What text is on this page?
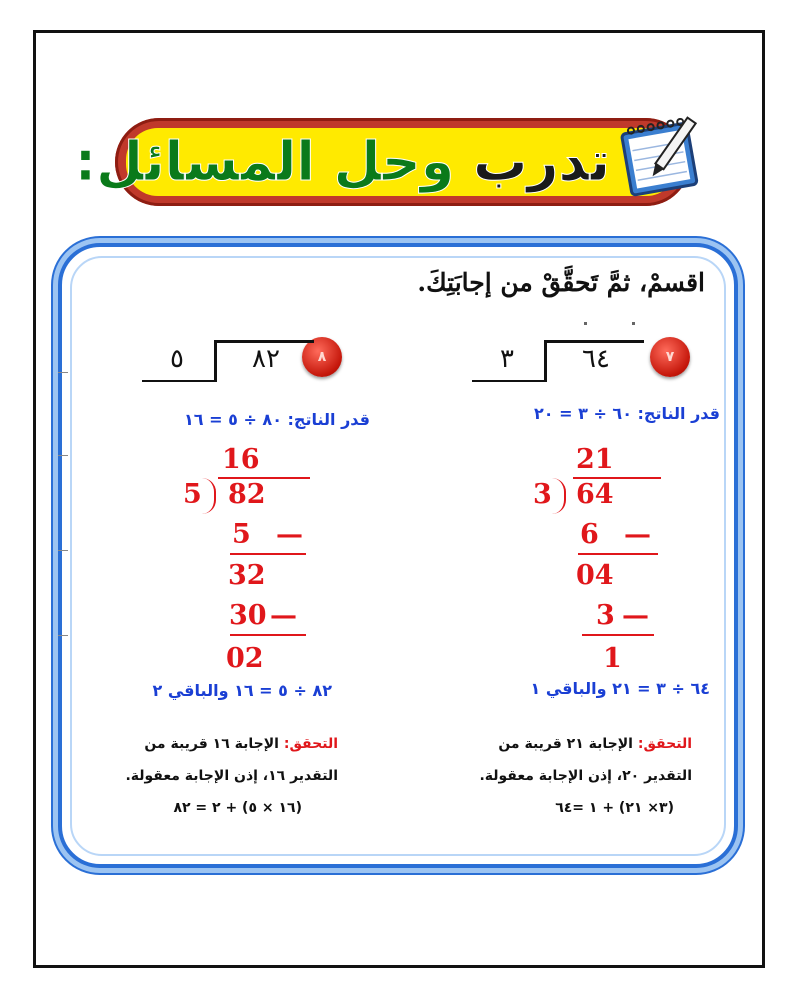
تدرب وحل المسائل:
اقسمْ، ثمَّ تَحقَّقْ من إجابَتِكَ.
٧
٣	٦٤
قدر الناتج: ٦٠ ÷ ٣ = ٢٠
21
3 64
6 —
04
3 —
1
٦٤ ÷ ٣ = ٢١ والباقي ١
التحقق: الإجابة ٢١ قريبة من
التقدير ٢٠، إذن الإجابة معقولة.
(٣× ٢١) + ١ =٦٤
٨
٥	٨٢
قدر الناتج: ٨٠ ÷ ٥ = ١٦
16
5 82
5 —
32
30 —
02
٨٢ ÷ ٥ = ١٦ والباقي ٢
التحقق: الإجابة ١٦ قريبة من
التقدير ١٦، إذن الإجابة معقولة.
(١٦ × ٥) + ٢ = ٨٢
